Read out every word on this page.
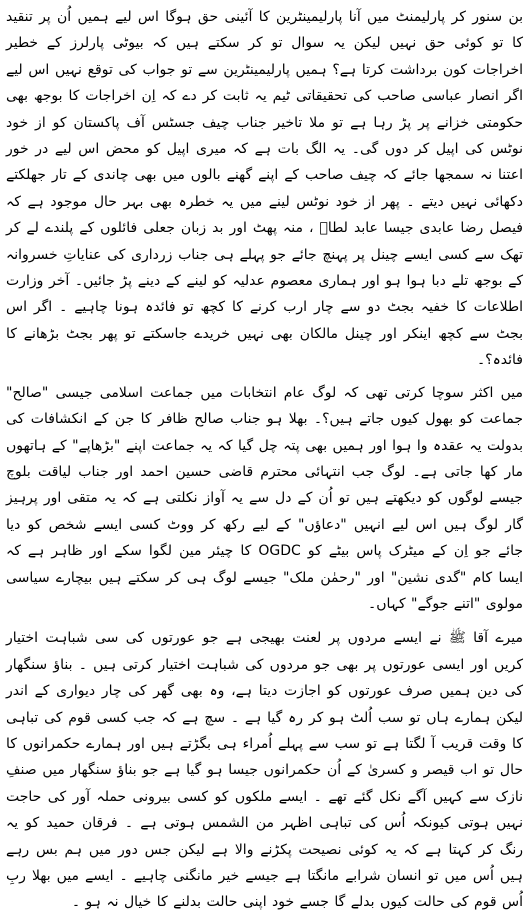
بن سنور کر پارلیمنٹ میں آنا پارلیمینٹرین کا آئینی حق ہوگا اس لیے ہمیں اُن پر تنقید کا تو کوئی حق نہیں لیکن یہ سوال تو کر سکتے ہیں کہ بیوٹی پارلرز کے خطیر اخراجات کون برداشت کرتا ہے؟ ہمیں پارلیمینٹرین سے تو جواب کی توقع نہیں اس لیے اگر انصار عباسی صاحب کی تحقیقاتی ٹیم یہ ثابت کر دے کہ اِن اخراجات کا بوجھ بھی حکومتی خزانے پر پڑ رہا ہے تو ملا تاخیر جناب چیف جسٹس آف پاکستان کو از خود نوٹس کی اپیل کر دوں گی۔ یہ الگ بات ہے کہ میری اپیل کو محض اس لیے در خور اعتنا نہ سمجھا جائے کہ چیف صاحب کے اپنے گھنے بالوں میں بھی چاندی کے تار جھلکتے دکھائی نہیں دیتے ۔ پھر از خود نوٹس لینے میں یہ خطرہ بھی بہر حال موجود ہے کہ فیصل رضا عابدی جیسا عابد لطاؔ ، منہ پھٹ اور بد زبان جعلی فائلوں کے پلندے لے کر تھک سے کسی ایسے چینل پر پہنچ جائے جو پہلے ہی جناب زرداری کی عنایاتِ خسروانہ کے بوجھ تلے دبا ہوا ہو اور ہماری معصوم عدلیہ کو لینے کے دینے پڑ جائیں۔ آخر وزارت اطلاعات کا خفیہ بجٹ دو سے چار ارب کرنے کا کچھ تو فائدہ ہونا چاہیے ۔ اگر اس بجٹ سے کچھ اینکر اور چینل مالکان بھی نہیں خریدے جاسکتے تو پھر بجٹ بڑھانے کا فائدہ؟۔

میں اکثر سوچا کرتی تھی کہ لوگ عام انتخابات میں جماعت اسلامی جیسی "صالح" جماعت کو بھول کیوں جاتے ہیں؟۔ بھلا ہو جناب صالح ظافر کا جن کے انکشافات کی بدولت یہ عقدہ وا ہوا اور ہمیں بھی پتہ چل گیا کہ یہ جماعت اپنے "بڑھاپے" کے ہاتھوں مار کھا جاتی ہے۔ لوگ جب انتہائی محترم قاضی حسین احمد اور جناب لیاقت بلوچ جیسے لوگوں کو دیکھتے ہیں تو اُن کے دل سے یہ آواز نکلتی ہے کہ یہ متقی اور پرہیز گار لوگ ہیں اس لیے انہیں "دعاؤں" کے لیے رکھ کر ووٹ کسی ایسے شخص کو دیا جائے جو اِن کے میٹرک پاس بیٹے کو OGDC کا چیئر مین لگوا سکے اور ظاہر ہے کہ ایسا کام "گدی نشین" اور "رحمٰن ملک" جیسے لوگ ہی کر سکتے ہیں بیچارے سیاسی مولوی "اتنے جوگے" کہاں۔

میرے آقا ﷺ نے ایسے مردوں پر لعنت بھیجی ہے جو عورتوں کی سی شباہت اختیار کریں اور ایسی عورتوں پر بھی جو مردوں کی شباہت اختیار کرتی ہیں ۔ بناؤ سنگھار کی دین ہمیں صرف عورتوں کو اجازت دیتا ہے، وہ بھی گھر کی چار دیواری کے اندر لیکن ہمارے ہاں تو سب اُلٹ ہو کر رہ گیا ہے ۔ سچ ہے کہ جب کسی قوم کی تباہی کا وقت قریب آ لگتا ہے تو سب سے پہلے اُمراء ہی بگڑتے ہیں اور ہمارے حکمرانوں کا حال تو اب قیصر و کسریٰ کے اُن حکمرانوں جیسا ہو گیا ہے جو بناؤ سنگھار میں صنفِ نازک سے کہیں آگے نکل گئے تھے ۔ ایسے ملکوں کو کسی بیرونی حملہ آور کی حاجت نہیں ہوتی کیونکہ اُس کی تباہی اظہر من الشمس ہوتی ہے ۔ فرقان حمید کو یہ رنگ کر کہتا ہے کہ یہ کوئی نصیحت پکڑنے والا ہے لیکن جس دور میں ہم بس رہے ہیں اُس میں تو انسان شرابے مانگتا ہے جیسے خیر مانگنی چاہیے ۔ ایسے میں بھلا ربِ اُس قوم کی حالت کیوں بدلے گا جسے خود اپنی حالت بدلنے کا خیال نہ ہو ۔
